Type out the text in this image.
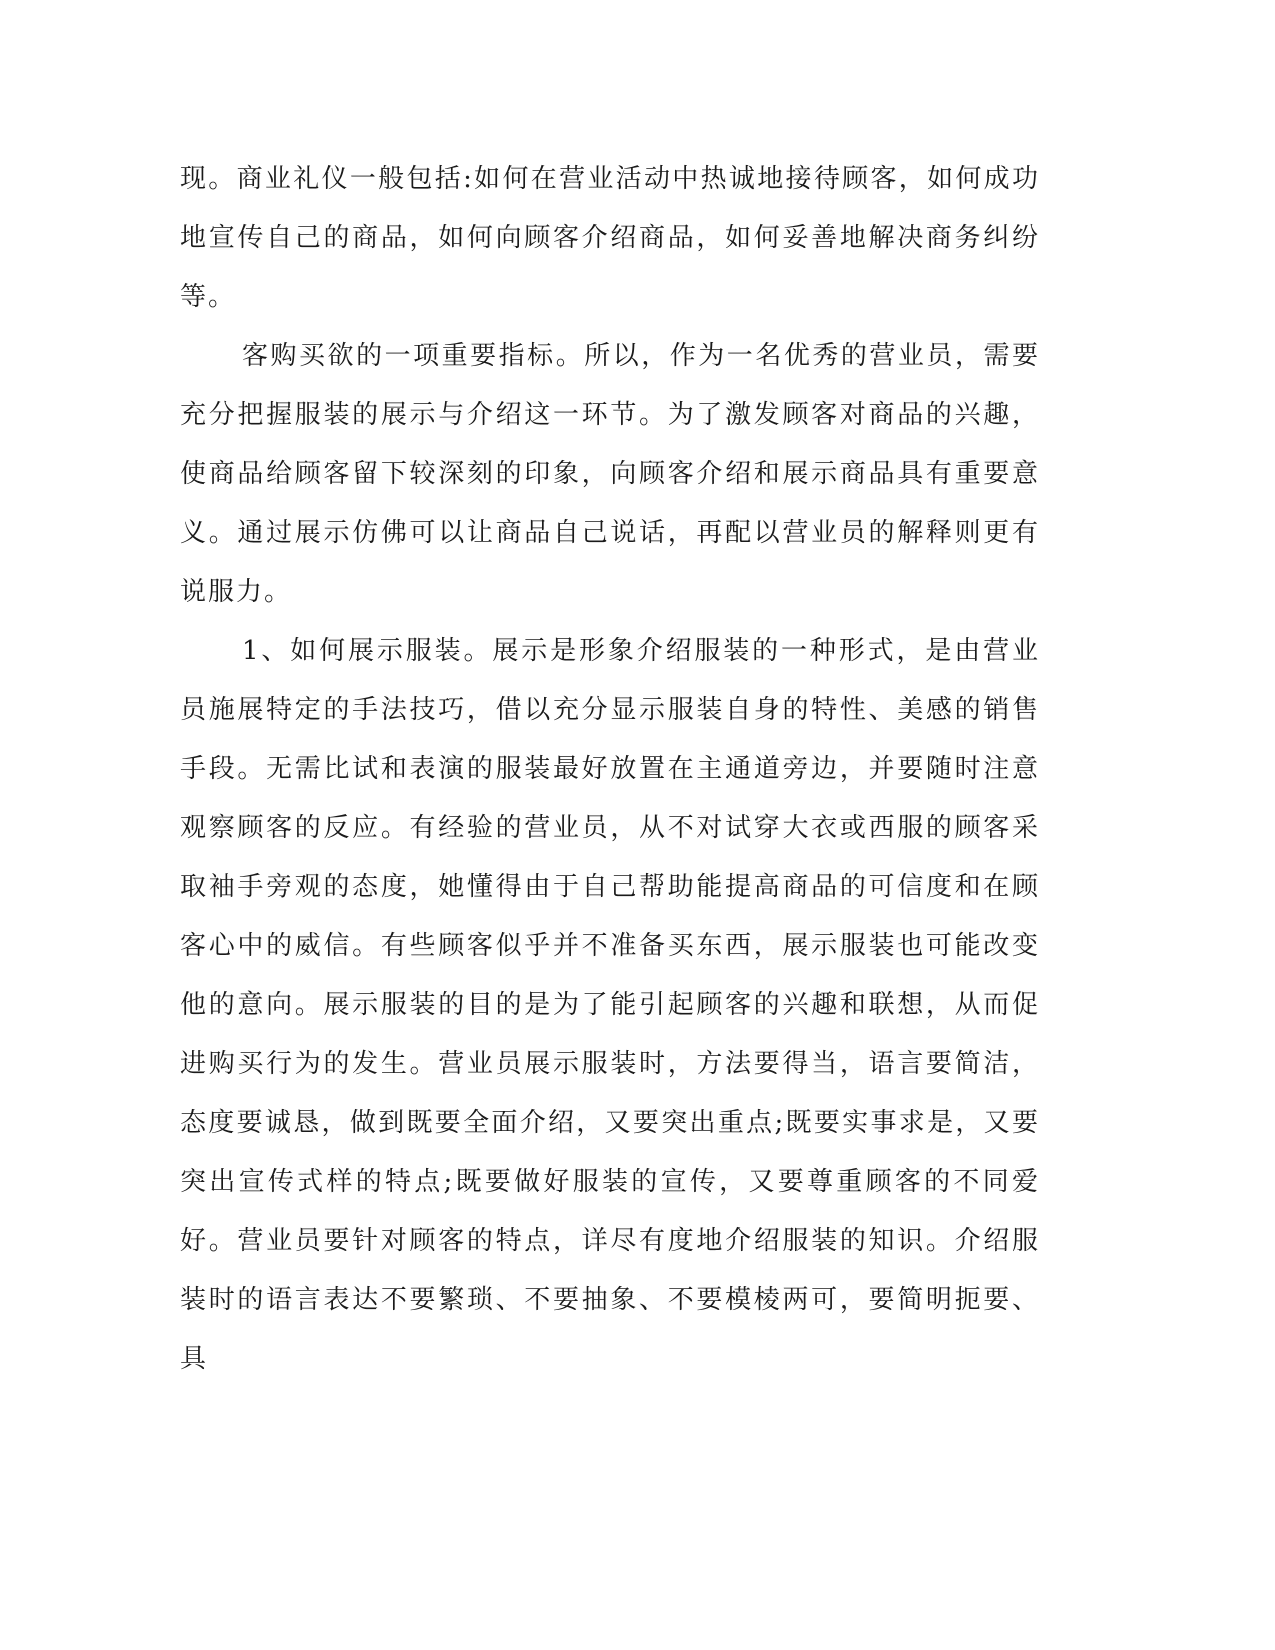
现。商业礼仪一般包括:如何在营业活动中热诚地接待顾客，如何成功地宣传自己的商品，如何向顾客介绍商品，如何妥善地解决商务纠纷等。

客购买欲的一项重要指标。所以，作为一名优秀的营业员，需要充分把握服装的展示与介绍这一环节。为了激发顾客对商品的兴趣，使商品给顾客留下较深刻的印象，向顾客介绍和展示商品具有重要意义。通过展示仿佛可以让商品自己说话，再配以营业员的解释则更有说服力。

1、如何展示服装。展示是形象介绍服装的一种形式，是由营业员施展特定的手法技巧，借以充分显示服装自身的特性、美感的销售手段。无需比试和表演的服装最好放置在主通道旁边，并要随时注意观察顾客的反应。有经验的营业员，从不对试穿大衣或西服的顾客采取袖手旁观的态度，她懂得由于自己帮助能提高商品的可信度和在顾客心中的威信。有些顾客似乎并不准备买东西，展示服装也可能改变他的意向。展示服装的目的是为了能引起顾客的兴趣和联想，从而促进购买行为的发生。营业员展示服装时，方法要得当，语言要简洁，态度要诚恳，做到既要全面介绍，又要突出重点;既要实事求是，又要突出宣传式样的特点;既要做好服装的宣传，又要尊重顾客的不同爱好。营业员要针对顾客的特点，详尽有度地介绍服装的知识。介绍服装时的语言表达不要繁琐、不要抽象、不要模棱两可，要简明扼要、具
